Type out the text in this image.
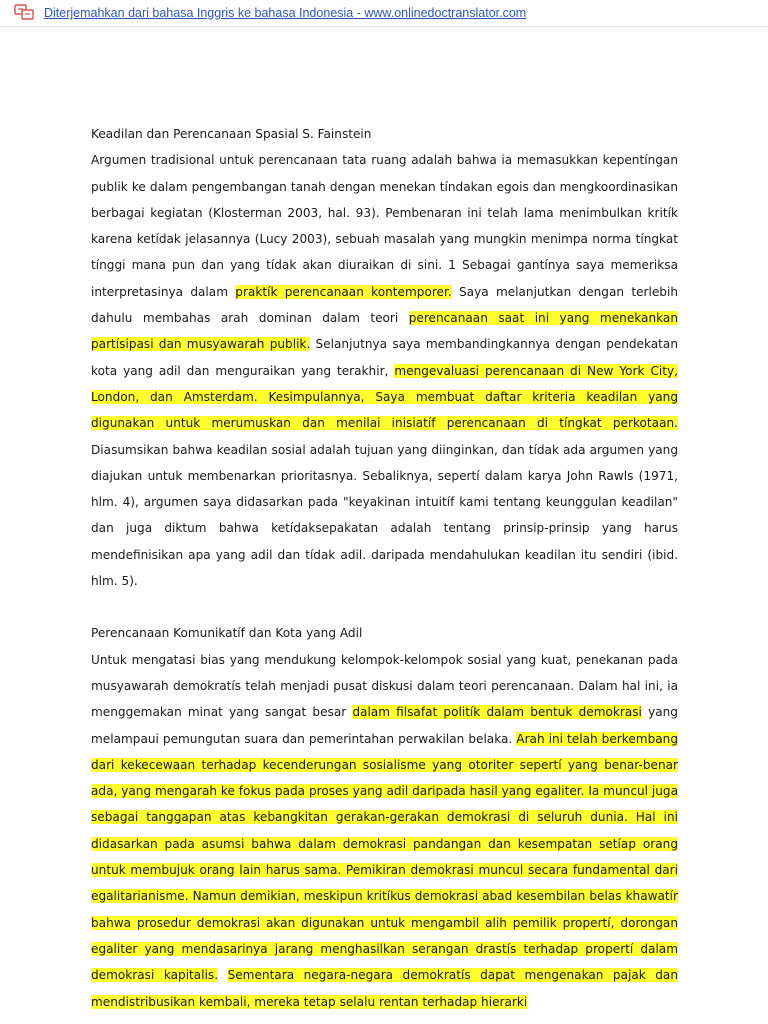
Diterjemahkan dari bahasa Inggris ke bahasa Indonesia - www.onlinedoctranslator.com
Keadilan dan Perencanaan Spasial S. Fainstein

Argumen tradisional untuk perencanaan tata ruang adalah bahwa ia memasukkan kepentíngan publik ke dalam pengembangan tanah dengan menekan tíndakan egois dan mengkoordinasikan berbagai kegiatan (Klosterman 2003, hal. 93). Pembenaran ini telah lama menimbulkan kritík karena ketídak jelasannya (Lucy 2003), sebuah masalah yang mungkin menimpa norma tíngkat tínggi mana pun dan yang tídak akan diuraikan di sini. 1 Sebagai gantínya saya memeriksa interpretasinya dalam praktík perencanaan kontemporer. Saya melanjutkan dengan terlebih dahulu membahas arah dominan dalam teori perencanaan saat ini yang menekankan partísipasi dan musyawarah publik. Selanjutnya saya membandingkannya dengan pendekatan kota yang adil dan menguraikan yang terakhir, mengevaluasi perencanaan di New York City, London, dan Amsterdam. Kesimpulannya, Saya membuat daftar kriteria keadilan yang digunakan untuk merumuskan dan menilai inisiatíf perencanaan di tíngkat perkotaan. Diasumsikan bahwa keadilan sosial adalah tujuan yang diinginkan, dan tídak ada argumen yang diajukan untuk membenarkan prioritasnya. Sebaliknya, sepertí dalam karya John Rawls (1971, hlm. 4), argumen saya didasarkan pada "keyakinan intuitíf kami tentang keunggulan keadilan" dan juga diktum bahwa ketídaksepakatan adalah tentang prinsip-prinsip yang harus mendefinisikan apa yang adil dan tídak adil. daripada mendahulukan keadilan itu sendiri (ibid. hlm. 5).

Perencanaan Komunikatíf dan Kota yang Adil

Untuk mengatasi bias yang mendukung kelompok-kelompok sosial yang kuat, penekanan pada musyawarah demokratís telah menjadi pusat diskusi dalam teori perencanaan. Dalam hal ini, ia menggemakan minat yang sangat besar dalam filsafat politík dalam bentuk demokrasi yang melampaui pemungutan suara dan pemerintahan perwakilan belaka. Arah ini telah berkembang dari kekecewaan terhadap kecenderungan sosialisme yang otoriter sepertí yang benar-benar ada, yang mengarah ke fokus pada proses yang adil daripada hasil yang egaliter. Ia muncul juga sebagai tanggapan atas kebangkitan gerakan-gerakan demokrasi di seluruh dunia. Hal ini didasarkan pada asumsi bahwa dalam demokrasi pandangan dan kesempatan setíap orang untuk membujuk orang lain harus sama. Pemikiran demokrasi muncul secara fundamental dari egalitarianisme. Namun demikian, meskipun kritíkus demokrasi abad kesembilan belas khawatír bahwa prosedur demokrasi akan digunakan untuk mengambil alih pemilik propertí, dorongan egaliter yang mendasarinya jarang menghasilkan serangan drastís terhadap propertí dalam demokrasi kapitalis. Sementara negara-negara demokratís dapat mengenakan pajak dan mendistribusikan kembali, mereka tetap selalu rentan terhadap hierarki
